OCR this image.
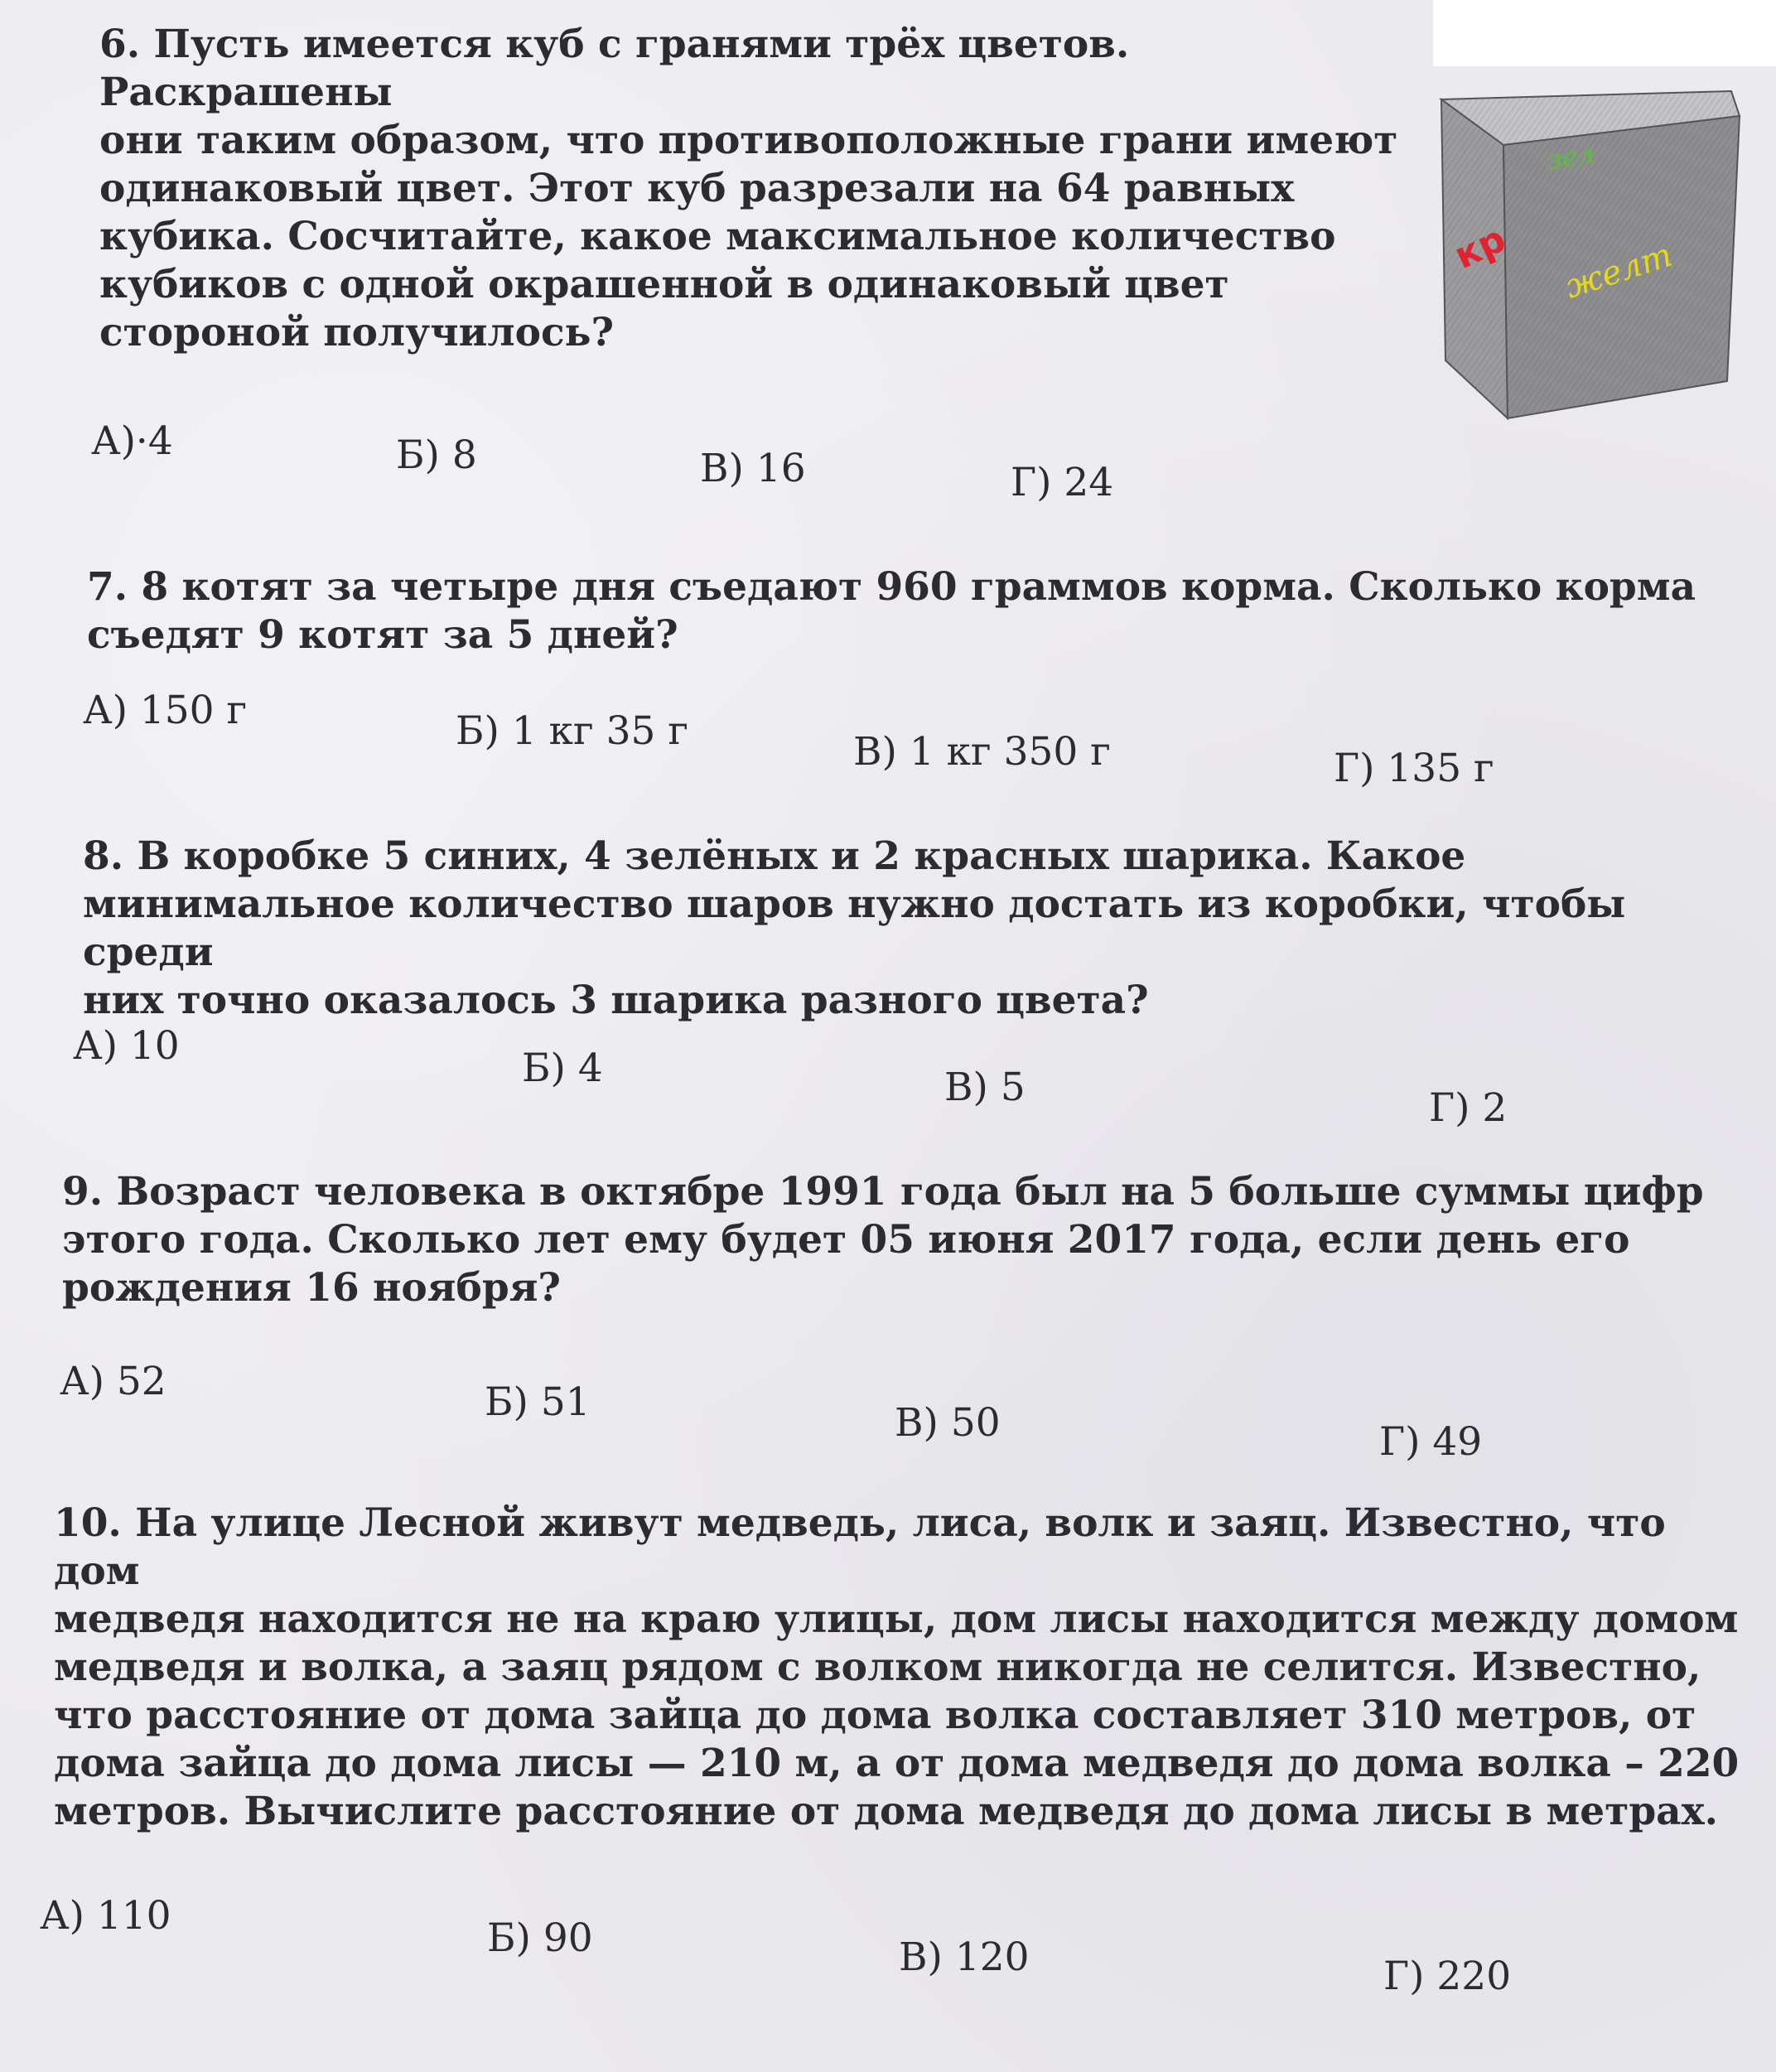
6. Пусть имеется куб с гранями трёх цветов. Раскрашены
они таким образом, что противоположные грани имеют
одинаковый цвет. Этот куб разрезали на 64 равных
кубика. Сосчитайте, какое максимальное количество
кубиков с одной окрашенной в одинаковый цвет
стороной получилось?

А)·4	Б) 8	В) 16	Г) 24
зел
кр желт

7. 8 котят за четыре дня съедают 960 граммов корма. Сколько корма
съедят 9 котят за 5 дней?

А) 150 г	Б) 1 кг 35 г	В) 1 кг 350 г	Г) 135 г

8. В коробке 5 синих, 4 зелёных и 2 красных шарика. Какое
минимальное количество шаров нужно достать из коробки, чтобы среди
них точно оказалось 3 шарика разного цвета?

А) 10	Б) 4	В) 5	Г) 2

9. Возраст человека в октябре 1991 года был на 5 больше суммы цифр
этого года. Сколько лет ему будет 05 июня 2017 года, если день его
рождения 16 ноября?

А) 52	Б) 51	В) 50	Г) 49

10. На улице Лесной живут медведь, лиса, волк и заяц. Известно, что дом
медведя находится не на краю улицы, дом лисы находится между домом
медведя и волка, а заяц рядом с волком никогда не селится. Известно,
что расстояние от дома зайца до дома волка составляет 310 метров, от
дома зайца до дома лисы — 210 м, а от дома медведя до дома волка – 220
метров. Вычислите расстояние от дома медведя до дома лисы в метрах.

А) 110	Б) 90	В) 120	Г) 220
